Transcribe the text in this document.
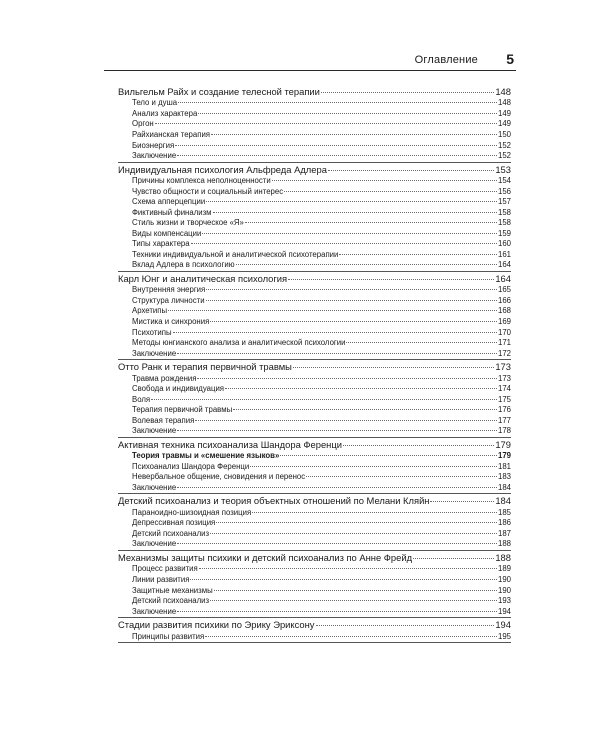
Оглавление 5
Вильгельм Райх и создание телесной терапии	148
Тело и душа	148
Анализ характера	149
Оргон	149
Райхианская терапия	150
Биоэнергия	152
Заключение	152
Индивидуальная психология Альфреда Адлера	153
Причины комплекса неполноценности	154
Чувство общности и социальный интерес	156
Схема апперцепции	157
Фиктивный финализм	158
Стиль жизни и творческое «Я»	158
Виды компенсации	159
Типы характера	160
Техники индивидуальной и аналитической психотерапии	161
Вклад Адлера в психологию	164
Карл Юнг и аналитическая психология	164
Внутренняя энергия	165
Структура личности	166
Архетипы	168
Мистика и синхрония	169
Психотипы	170
Методы юнгианского анализа и аналитической психологии	171
Заключение	172
Отто Ранк и терапия первичной травмы	173
Травма рождения	173
Свобода и индивидуация	174
Воля	175
Терапия первичной травмы	176
Волевая терапия	177
Заключение	178
Активная техника психоанализа Шандора Ференци	179
Теория травмы и «смешение языков»	179
Психоанализ Шандора Ференци	181
Невербальное общение, сновидения и перенос	183
Заключение	184
Детский психоанализ и теория объектных отношений по Мелани Кляйн	184
Параноидно-шизоидная позиция	185
Депрессивная позиция	186
Детский психоанализ	187
Заключение	188
Механизмы защиты психики и детский психоанализ по Анне Фрейд	188
Процесс развития	189
Линии развития	190
Защитные механизмы	190
Детский психоанализ	193
Заключение	194
Стадии развития психики по Эрику Эриксону	194
Принципы развития	195
